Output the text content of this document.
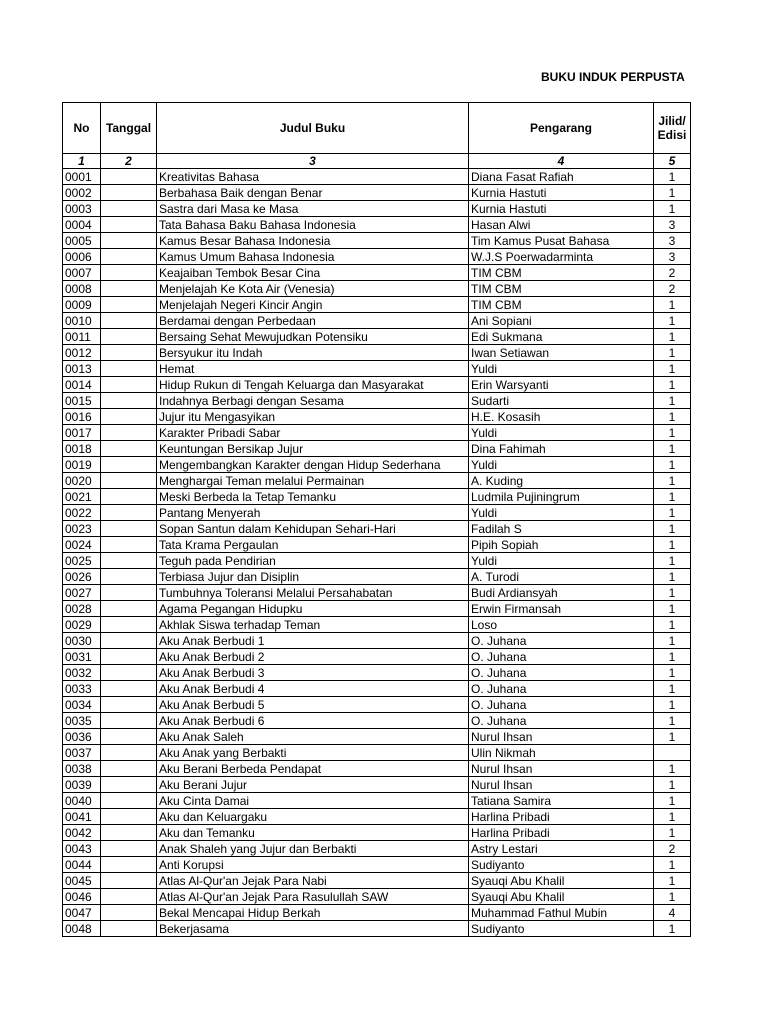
BUKU INDUK PERPUSTA
No	Tanggal	Judul Buku	Pengarang	Jilid/
Edisi
1	2	3	4	5
0001		Kreativitas Bahasa	Diana Fasat Rafiah	1
0002		Berbahasa Baik dengan Benar	Kurnia Hastuti	1
0003		Sastra dari Masa ke Masa	Kurnia Hastuti	1
0004		Tata Bahasa Baku Bahasa Indonesia	Hasan Alwi	3
0005		Kamus Besar Bahasa Indonesia	Tim Kamus Pusat Bahasa	3
0006		Kamus Umum Bahasa Indonesia	W.J.S Poerwadarminta	3
0007		Keajaiban Tembok Besar Cina	TIM CBM	2
0008		Menjelajah Ke Kota Air (Venesia)	TIM CBM	2
0009		Menjelajah Negeri Kincir Angin	TIM CBM	1
0010		Berdamai dengan Perbedaan	Ani Sopiani	1
0011		Bersaing Sehat Mewujudkan Potensiku	Edi Sukmana	1
0012		Bersyukur itu Indah	Iwan Setiawan	1
0013		Hemat	Yuldi	1
0014		Hidup Rukun di Tengah Keluarga dan Masyarakat	Erin Warsyanti	1
0015		Indahnya Berbagi dengan Sesama	Sudarti	1
0016		Jujur itu Mengasyikan	H.E. Kosasih	1
0017		Karakter Pribadi Sabar	Yuldi	1
0018		Keuntungan Bersikap Jujur	Dina Fahimah	1
0019		Mengembangkan Karakter dengan Hidup Sederhana	Yuldi	1
0020		Menghargai Teman melalui Permainan	A. Kuding	1
0021		Meski Berbeda la Tetap Temanku	Ludmila Pujiningrum	1
0022		Pantang Menyerah	Yuldi	1
0023		Sopan Santun dalam Kehidupan Sehari-Hari	Fadilah S	1
0024		Tata Krama Pergaulan	Pipih Sopiah	1
0025		Teguh pada Pendirian	Yuldi	1
0026		Terbiasa Jujur dan Disiplin	A. Turodi	1
0027		Tumbuhnya Toleransi Melalui Persahabatan	Budi Ardiansyah	1
0028		Agama Pegangan Hidupku	Erwin Firmansah	1
0029		Akhlak Siswa terhadap Teman	Loso	1
0030		Aku Anak Berbudi 1	O. Juhana	1
0031		Aku Anak Berbudi 2	O. Juhana	1
0032		Aku Anak Berbudi 3	O. Juhana	1
0033		Aku Anak Berbudi 4	O. Juhana	1
0034		Aku Anak Berbudi 5	O. Juhana	1
0035		Aku Anak Berbudi 6	O. Juhana	1
0036		Aku Anak Saleh	Nurul Ihsan	1
0037		Aku Anak yang Berbakti	Ulin Nikmah	
0038		Aku Berani Berbeda Pendapat	Nurul Ihsan	1
0039		Aku Berani Jujur	Nurul Ihsan	1
0040		Aku Cinta Damai	Tatiana Samira	1
0041		Aku dan Keluargaku	Harlina Pribadi	1
0042		Aku dan Temanku	Harlina Pribadi	1
0043		Anak Shaleh yang Jujur dan Berbakti	Astry Lestari	2
0044		Anti Korupsi	Sudiyanto	1
0045		Atlas Al-Qur'an Jejak Para Nabi	Syauqi Abu Khalil	1
0046		Atlas Al-Qur'an Jejak Para Rasulullah SAW	Syauqi Abu Khalil	1
0047		Bekal Mencapai Hidup Berkah	Muhammad Fathul Mubin	4
0048		Bekerjasama	Sudiyanto	1
